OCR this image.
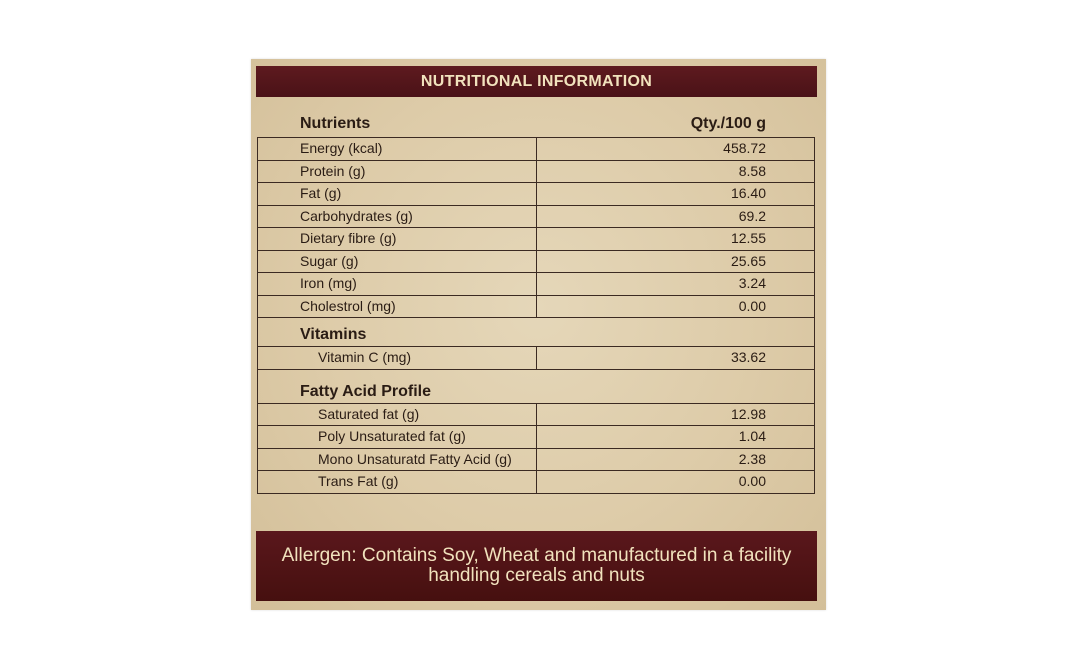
NUTRITIONAL INFORMATION
Nutrients	Qty./100 g
Energy (kcal)	458.72
Protein (g)	8.58
Fat (g)	16.40
Carbohydrates (g)	69.2
Dietary fibre (g)	12.55
Sugar (g)	25.65
Iron (mg)	3.24
Cholestrol (mg)	0.00
Vitamins
Vitamin C (mg)	33.62
Fatty Acid Profile
Saturated fat (g)	12.98
Poly Unsaturated fat (g)	1.04
Mono Unsaturatd Fatty Acid (g)	2.38
Trans Fat (g)	0.00
Allergen: Contains Soy, Wheat and manufactured in a facility handling cereals and nuts
